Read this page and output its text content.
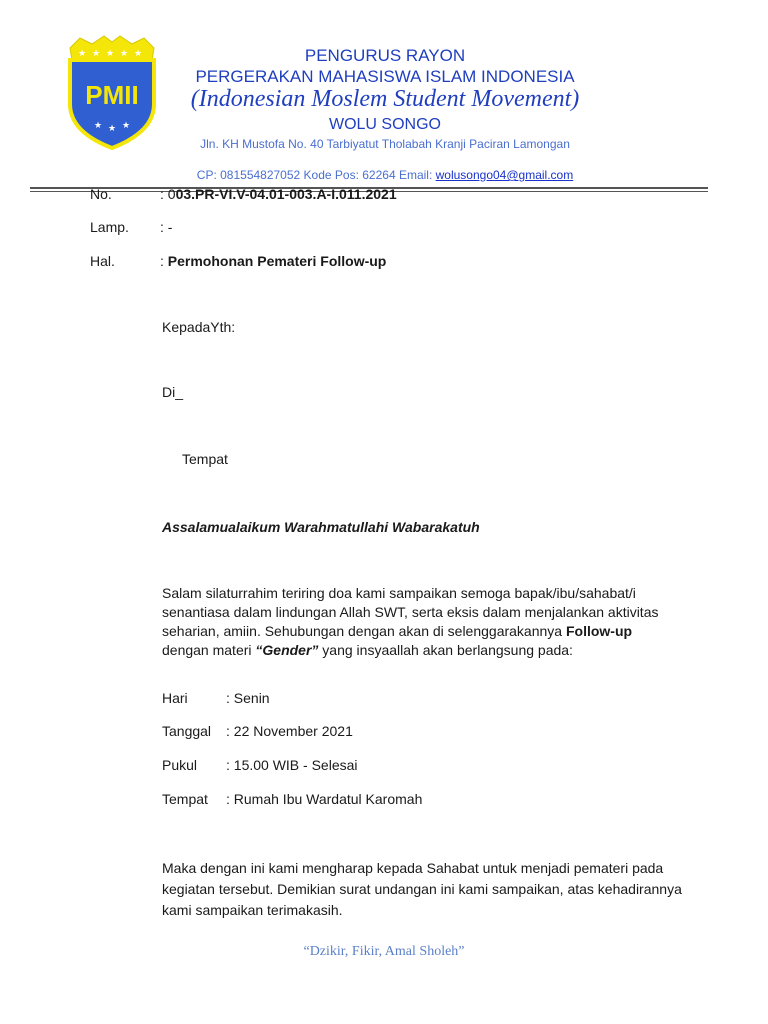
★ ★ ★ ★ ★
PMII
★ ★ ★
PENGURUS RAYON
PERGERAKAN MAHASISWA ISLAM INDONESIA
(Indonesian Moslem Student Movement)
WOLU SONGO
Jln. KH Mustofa No. 40 Tarbiyatut Tholabah Kranji Paciran Lamongan
CP: 081554827052 Kode Pos: 62264 Email: wolusongo04@gmail.com
No.	: 003.PR-VI.V-04.01-003.A-I.011.2021
Lamp. : -
Hal.	: Permohonan Pemateri Follow-up
KepadaYth:
Di_
Tempat
Assalamualaikum Warahmatullahi Wabarakatuh
Salam silaturrahim teriring doa kami sampaikan semoga bapak/ibu/sahabat/i senantiasa dalam lindungan Allah SWT, serta eksis dalam menjalankan aktivitas seharian, amiin. Sehubungan dengan akan di selenggarakannya Follow-up dengan materi “Gender” yang insyaallah akan berlangsung pada:
Hari	: Senin
Tanggal : 22 November 2021
Pukul : 15.00 WIB - Selesai
Tempat : Rumah Ibu Wardatul Karomah
Maka dengan ini kami mengharap kepada Sahabat untuk menjadi pemateri pada kegiatan tersebut. Demikian surat undangan ini kami sampaikan, atas kehadirannya kami sampaikan terimakasih.
“Dzikir, Fikir, Amal Sholeh”
